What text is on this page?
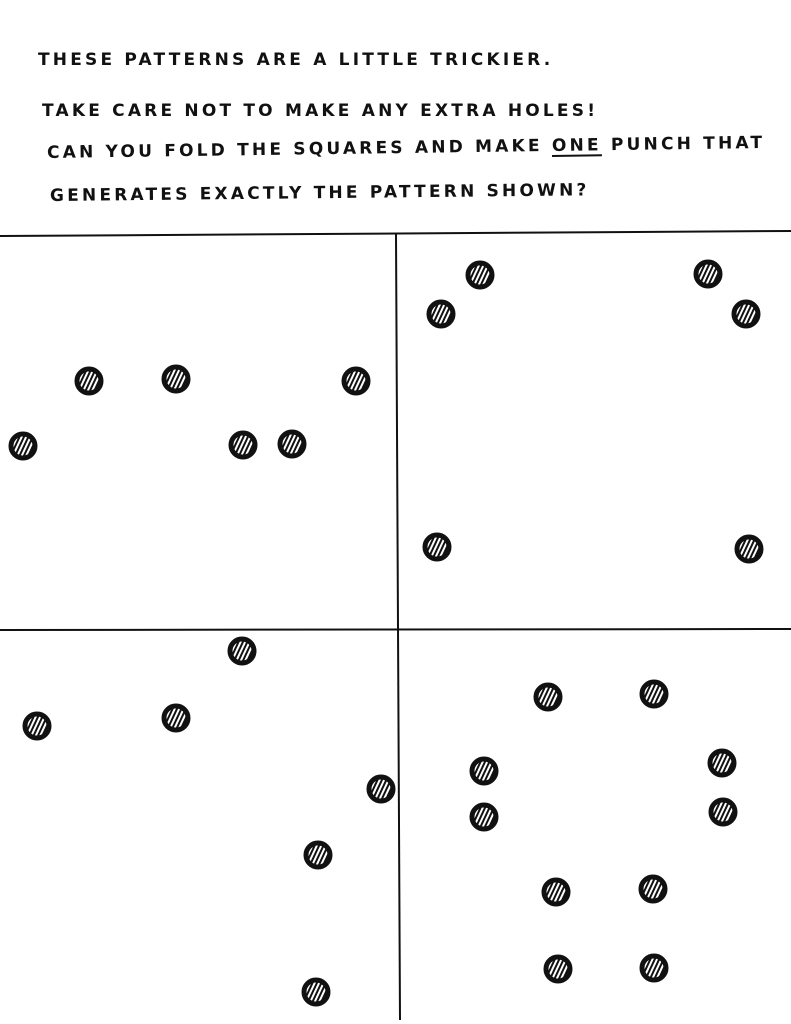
THESE PATTERNS ARE A LITTLE TRICKIER.
TAKE CARE NOT TO MAKE ANY EXTRA HOLES!
CAN YOU FOLD THE SQUARES AND MAKE ONE PUNCH THAT
GENERATES EXACTLY THE PATTERN SHOWN?
